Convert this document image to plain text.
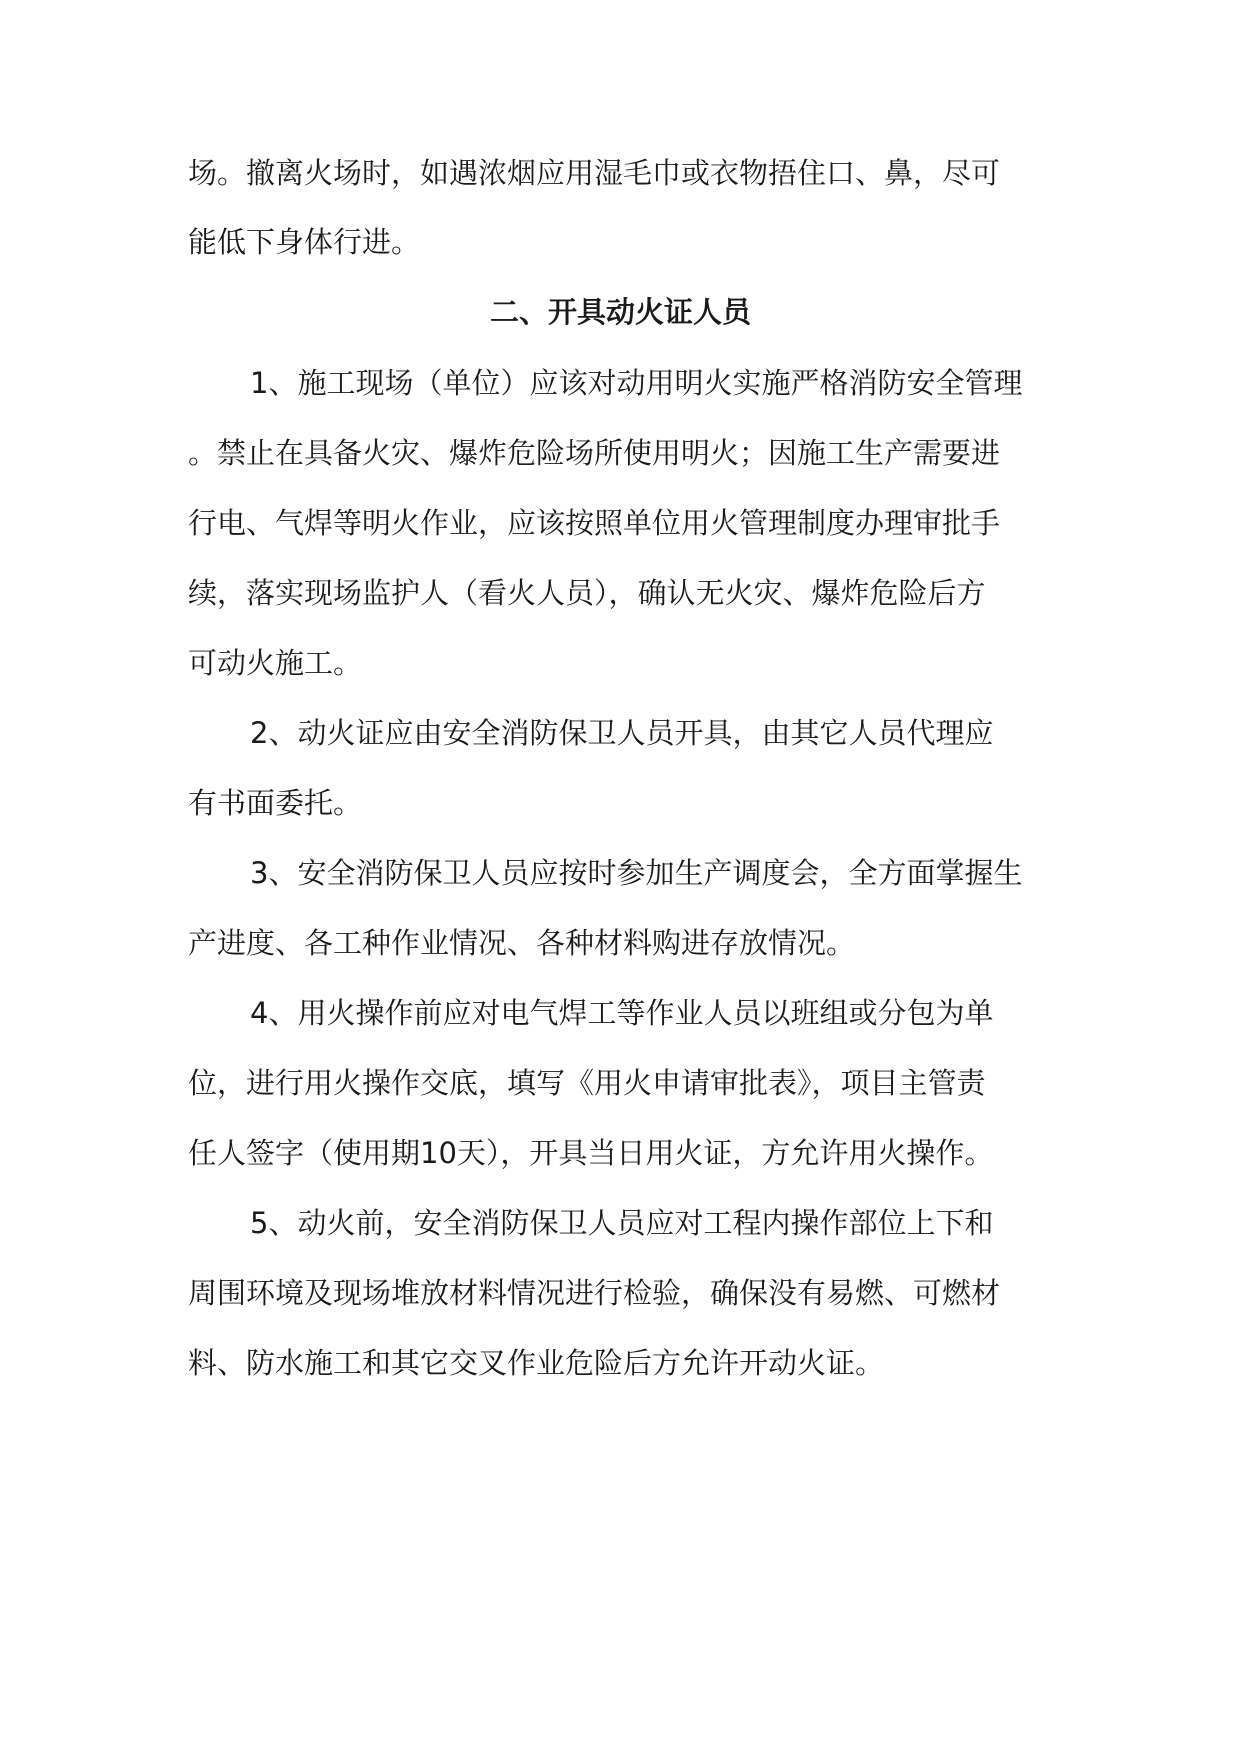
场。撤离火场时，如遇浓烟应用湿毛巾或衣物捂住口、鼻，尽可
能低下身体行进。
二、开具动火证人员
1、施工现场（单位）应该对动用明火实施严格消防安全管理
。禁止在具备火灾、爆炸危险场所使用明火；因施工生产需要进
行电、气焊等明火作业，应该按照单位用火管理制度办理审批手
续，落实现场监护人（看火人员），确认无火灾、爆炸危险后方
可动火施工。
2、动火证应由安全消防保卫人员开具，由其它人员代理应
有书面委托。
3、安全消防保卫人员应按时参加生产调度会，全方面掌握生
产进度、各工种作业情况、各种材料购进存放情况。
4、用火操作前应对电气焊工等作业人员以班组或分包为单
位，进行用火操作交底，填写《用火申请审批表》，项目主管责
任人签字（使用期10天），开具当日用火证，方允许用火操作。
5、动火前，安全消防保卫人员应对工程内操作部位上下和
周围环境及现场堆放材料情况进行检验，确保没有易燃、可燃材
料、防水施工和其它交叉作业危险后方允许开动火证。
